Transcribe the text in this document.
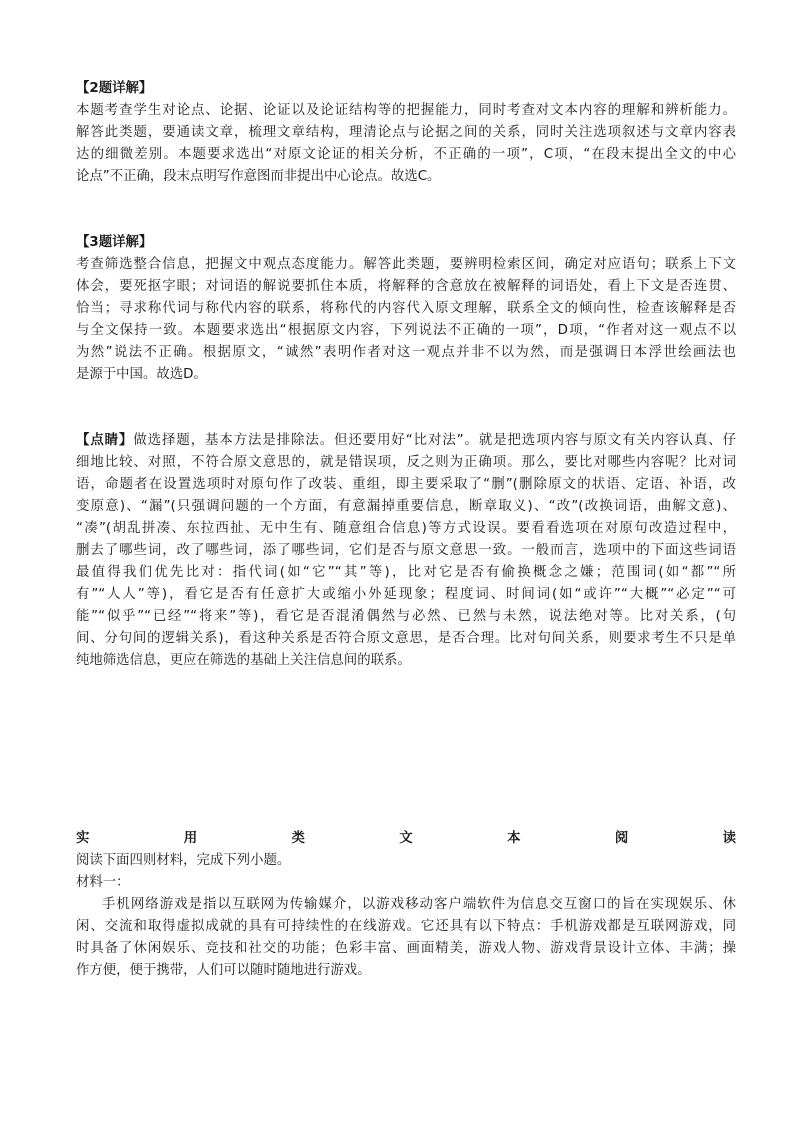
【2题详解】
本题考查学生对论点、论据、论证以及论证结构等的把握能力，同时考查对文本内容的理解和辨析能力。
解答此类题，要通读文章，梳理文章结构，理清论点与论据之间的关系，同时关注选项叙述与文章内容表
达的细微差别。本题要求选出“对原文论证的相关分析，不正确的一项”，C项，“在段末提出全文的中心
论点”不正确，段末点明写作意图而非提出中心论点。故选C。
【3题详解】
考查筛选整合信息，把握文中观点态度能力。解答此类题，要辨明检索区间，确定对应语句；联系上下文
体会，要死抠字眼；对词语的解说要抓住本质，将解释的含意放在被解释的词语处，看上下文是否连贯、
恰当；寻求称代词与称代内容的联系，将称代的内容代入原文理解，联系全文的倾向性，检查该解释是否
与全文保持一致。本题要求选出“根据原文内容，下列说法不正确的一项”，D项，“作者对这一观点不以
为然”说法不正确。根据原文，“诚然”表明作者对这一观点并非不以为然，而是强调日本浮世绘画法也
是源于中国。故选D。
【点睛】做选择题，基本方法是排除法。但还要用好“比对法”。就是把选项内容与原文有关内容认真、仔
细地比较、对照，不符合原文意思的，就是错误项，反之则为正确项。那么，要比对哪些内容呢？比对词
语，命题者在设置选项时对原句作了改装、重组，即主要采取了“删”(删除原文的状语、定语、补语，改
变原意)、“漏”(只强调问题的一个方面，有意漏掉重要信息，断章取义)、“改”(改换词语，曲解文意)、
“凑”(胡乱拼凑、东拉西扯、无中生有、随意组合信息)等方式设误。要看看选项在对原句改造过程中，
删去了哪些词，改了哪些词，添了哪些词，它们是否与原文意思一致。一般而言，选项中的下面这些词语
最值得我们优先比对：指代词(如“它”“其”等)，比对它是否有偷换概念之嫌；范围词(如“都”“所
有”“人人”等)，看它是否有任意扩大或缩小外延现象；程度词、时间词(如“或许”“大概”“必定”“可
能”“似乎”“已经”“将来”等)，看它是否混淆偶然与必然、已然与未然，说法绝对等。比对关系，(句
间、分句间的逻辑关系)，看这种关系是否符合原文意思，是否合理。比对句间关系，则要求考生不只是单
纯地筛选信息，更应在筛选的基础上关注信息间的联系。
实用类文本阅读
阅读下面四则材料，完成下列小题。
材料一：
手机网络游戏是指以互联网为传输媒介，以游戏移动客户端软件为信息交互窗口的旨在实现娱乐、休
闲、交流和取得虚拟成就的具有可持续性的在线游戏。它还具有以下特点：手机游戏都是互联网游戏，同
时具备了休闲娱乐、竞技和社交的功能；色彩丰富、画面精美，游戏人物、游戏背景设计立体、丰满；操
作方便，便于携带，人们可以随时随地进行游戏。
